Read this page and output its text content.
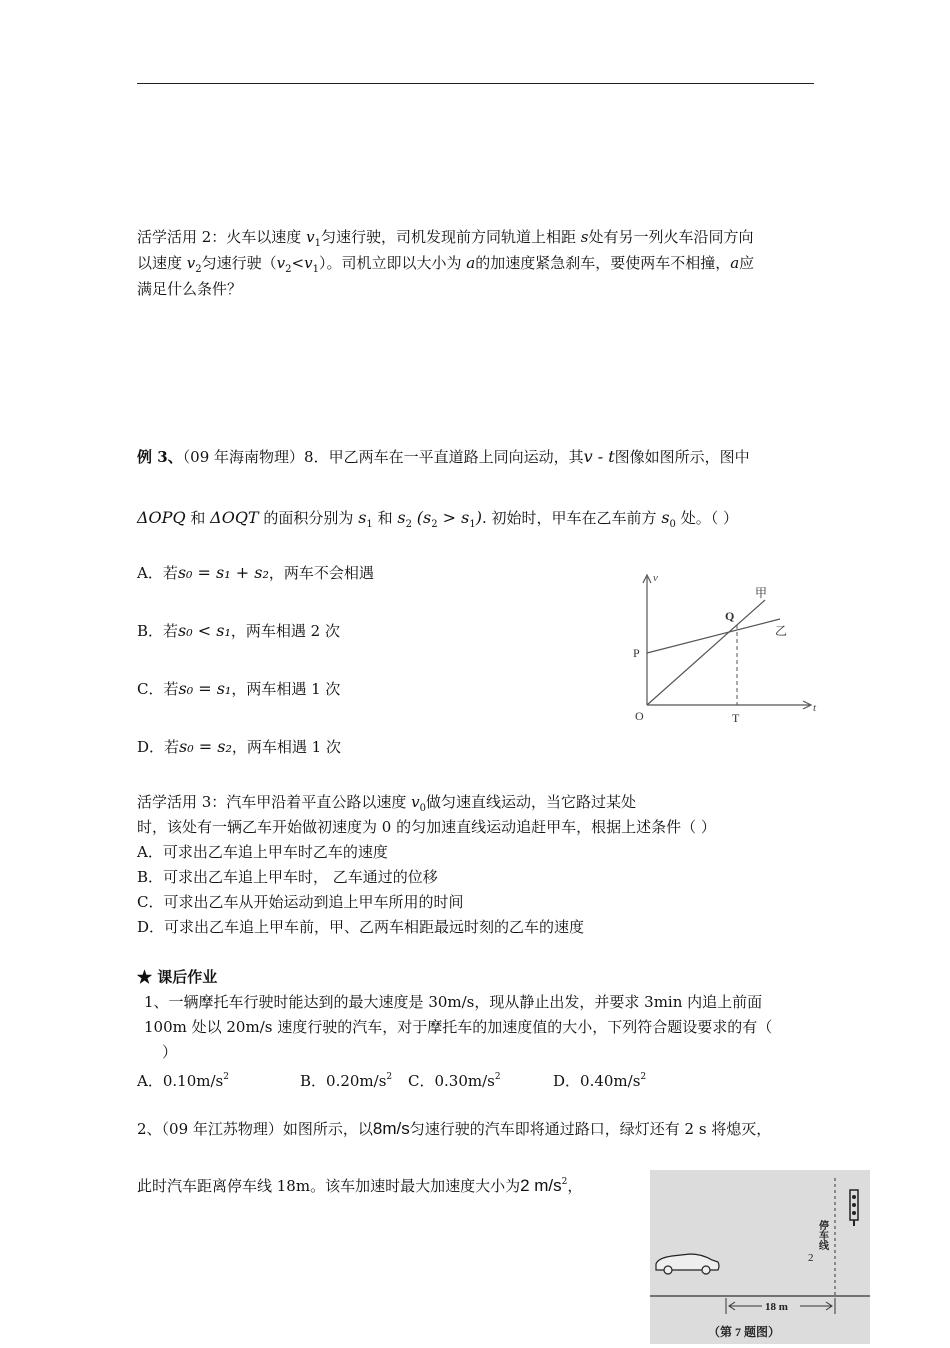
活学活用 2：火车以速度 $v_1$匀速行驶，司机发现前方同轨道上相距 s处有另一列火车沿同方向
以速度 $v_2$匀速行驶$(v_2<v_1)$。司机立即以大小为 a的加速度紧急刹车，要使两车不相撞，a应
满足什么条件？
例 3、（09 年海南物理）8．甲乙两车在一平直道路上同向运动，其v - t图像如图所示，图中
ΔOPQ 和 ΔOQT 的面积分别为 $s_1$ 和 $s_2$ $(s_2 > s_1)$. 初始时，甲车在乙车前方 $s_0$ 处。（ ）
A．若s₀ = s₁ + s₂，两车不会相遇
B．若s₀ < s₁，两车相遇 2 次
C．若s₀ = s₁，两车相遇 1 次
D．若s₀ = s₂，两车相遇 1 次
v
t
O
P
Q
T
甲
乙
活学活用 3：汽车甲沿着平直公路以速度 $v_0$做匀速直线运动，当它路过某处
时，该处有一辆乙车开始做初速度为 0 的匀加速直线运动追赶甲车，根据上述条件（ ）
A．可求出乙车追上甲车时乙车的速度
B．可求出乙车追上甲车时， 乙车通过的位移
C．可求出乙车从开始运动到追上甲车所用的时间
D．可求出乙车追上甲车前，甲、乙两车相距最远时刻的乙车的速度
★ 课后作业
1、一辆摩托车行驶时能达到的最大速度是 30m/s，现从静止出发，并要求 3min 内追上前面
100m 处以 20m/s 速度行驶的汽车，对于摩托车的加速度值的大小，下列符合题设要求的有（
）
A．$0.10m/s^2$	B．$0.20m/s^2$ C．$0.30m/s^2$	D．$0.40m/s^2$
2、（09 年江苏物理）如图所示，以8m/s匀速行驶的汽车即将通过路口，绿灯还有 2 s 将熄灭，
此时汽车距离停车线 18m。该车加速时最大加速度大小为2 $m/s^2$，
停车线
2
18 m
（第 7 题图）
